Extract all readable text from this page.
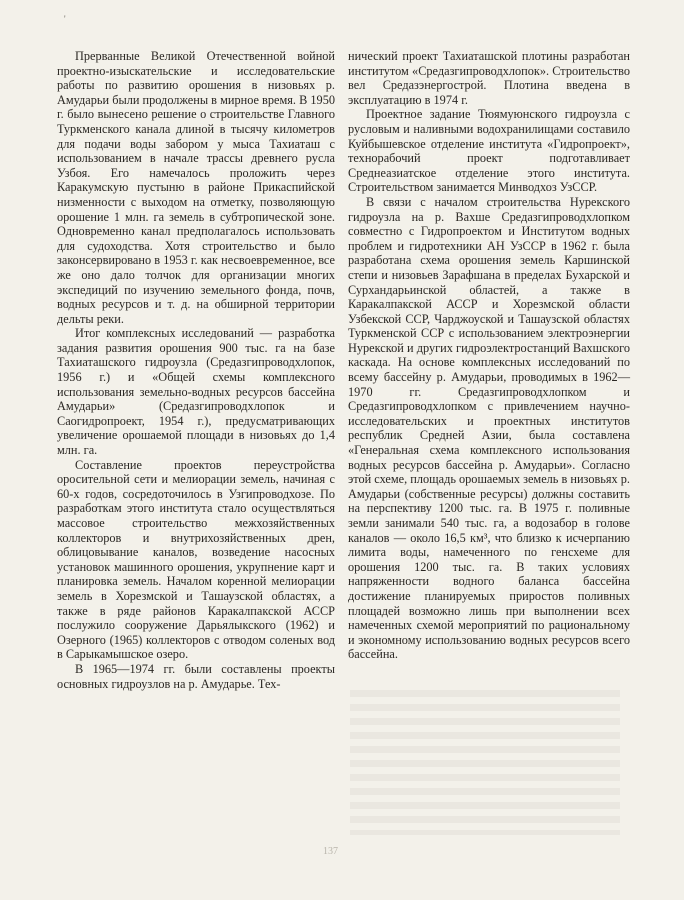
'

Прерванные Великой Отечественной войной проектно-изыскательские и исследовательские работы по развитию орошения в низовьях р. Амударьи были продолжены в мирное время. В 1950 г. было вынесено решение о строительстве Главного Туркменского канала длиной в тысячу километров для подачи воды забором у мыса Тахиаташ с использованием в начале трассы древнего русла Узбоя. Его намечалось проложить через Каракумскую пустыню в районе Прикаспийской низменности с выходом на отметку, позволяющую орошение 1 млн. га земель в субтропической зоне. Одновременно канал предполагалось использовать для судоходства. Хотя строительство и было законсервировано в 1953 г. как несвоевременное, все же оно дало толчок для организации многих экспедиций по изучению земельного фонда, почв, водных ресурсов и т. д. на обширной территории дельты реки.

Итог комплексных исследований — разработка задания развития орошения 900 тыс. га на базе Тахиаташского гидроузла (Средазгипроводхлопок, 1956 г.) и «Общей схемы комплексного использования земельно-водных ресурсов бассейна Амударьи» (Средазгипроводхлопок и Саогидропроект, 1954 г.), предусматривающих увеличение орошаемой площади в низовьях до 1,4 млн. га.

Составление проектов переустройства оросительной сети и мелиорации земель, начиная с 60-х годов, сосредоточилось в Узгипроводхозе. По разработкам этого института стало осуществляться массовое строительство межхозяйственных коллекторов и внутрихозяйственных дрен, облицовывание каналов, возведение насосных установок машинного орошения, укрупнение карт и планировка земель. Началом коренной мелиорации земель в Хорезмской и Ташаузской областях, а также в ряде районов Каракалпакской АССР послужило сооружение Дарьялыкского (1962) и Озерного (1965) коллекторов с отводом соленых вод в Сарыкамышское озеро.

В 1965—1974 гг. были составлены проекты основных гидроузлов на р. Амударье. Тех-

нический проект Тахиаташской плотины разработан институтом «Средазгипроводхлопок». Строительство вел Средазэнергострой. Плотина введена в эксплуатацию в 1974 г.

Проектное задание Тюямуюнского гидроузла с русловым и наливными водохранилищами составило Куйбышевское отделение института «Гидропроект», технорабочий проект подготавливает Среднеазиатское отделение этого института. Строительством занимается Минводхоз УзССР.

В связи с началом строительства Нурекского гидроузла на р. Вахше Средазгипроводхлопком совместно с Гидропроектом и Институтом водных проблем и гидротехники АН УзССР в 1962 г. была разработана схема орошения земель Каршинской степи и низовьев Зарафшана в пределах Бухарской и Сурхандарьинской областей, а также в Каракалпакской АССР и Хорезмской области Узбекской ССР, Чарджоуской и Ташаузской областях Туркменской ССР с использованием электроэнергии Нурекской и других гидроэлектростанций Вахшского каскада. На основе комплексных исследований по всему бассейну р. Амударьи, проводимых в 1962—1970 гг. Средазгипроводхлопком и Средазгипроводхлопком с привлечением научно-исследовательских и проектных институтов республик Средней Азии, была составлена «Генеральная схема комплексного использования водных ресурсов бассейна р. Амударьи». Согласно этой схеме, площадь орошаемых земель в низовьях р. Амударьи (собственные ресурсы) должны составить на перспективу 1200 тыс. га. В 1975 г. поливные земли занимали 540 тыс. га, а водозабор в голове каналов — около 16,5 км³, что близко к исчерпанию лимита воды, намеченного по генсхеме для орошения 1200 тыс. га. В таких условиях напряженности водного баланса бассейна достижение планируемых приростов поливных площадей возможно лишь при выполнении всех намеченных схемой мероприятий по рациональному и экономному использованию водных ресурсов всего бассейна.

137
